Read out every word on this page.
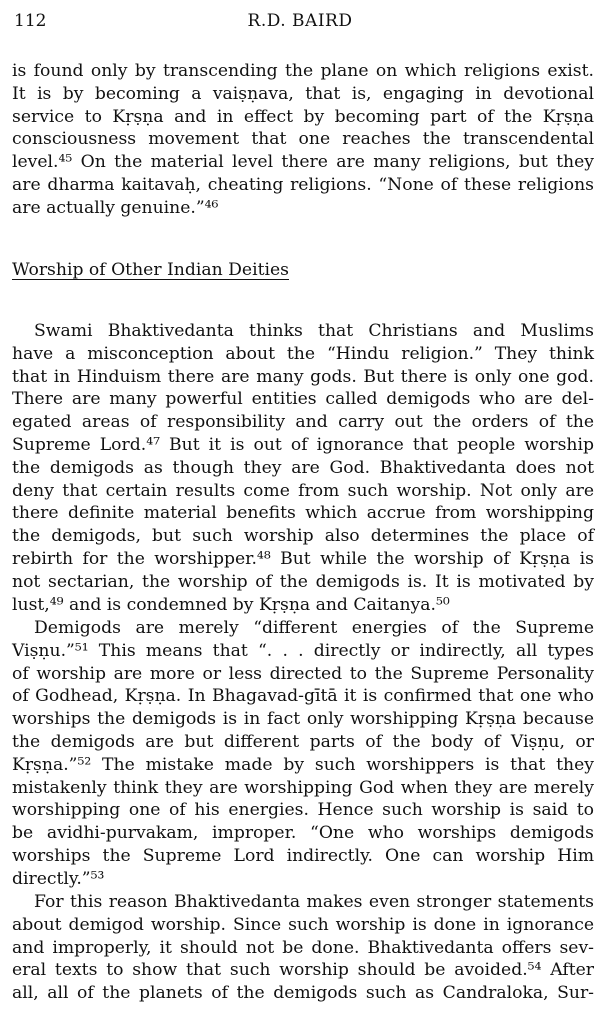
112	R.D. BAIRD
is found only by transcending the plane on which religions exist.
It is by becoming a vaiṣṇava, that is, engaging in devotional
service to Kṛṣṇa and in effect by becoming part of the Kṛṣṇa
consciousness movement that one reaches the transcendental
level.⁴⁵ On the material level there are many religions, but they
are dharma kaitavaḥ, cheating religions. “None of these religions
are actually genuine.”⁴⁶
Worship of Other Indian Deities
Swami Bhaktivedanta thinks that Christians and Muslims
have a misconception about the “Hindu religion.” They think
that in Hinduism there are many gods. But there is only one god.
There are many powerful entities called demigods who are del-
egated areas of responsibility and carry out the orders of the
Supreme Lord.⁴⁷ But it is out of ignorance that people worship
the demigods as though they are God. Bhaktivedanta does not
deny that certain results come from such worship. Not only are
there definite material benefits which accrue from worshipping
the demigods, but such worship also determines the place of
rebirth for the worshipper.⁴⁸ But while the worship of Kṛṣṇa is
not sectarian, the worship of the demigods is. It is motivated by
lust,⁴⁹ and is condemned by Kṛṣṇa and Caitanya.⁵⁰
Demigods are merely “different energies of the Supreme
Viṣṇu.”⁵¹ This means that “. . . directly or indirectly, all types
of worship are more or less directed to the Supreme Personality
of Godhead, Kṛṣṇa. In Bhagavad-gītā it is confirmed that one who
worships the demigods is in fact only worshipping Kṛṣṇa because
the demigods are but different parts of the body of Viṣṇu, or
Kṛṣṇa.”⁵² The mistake made by such worshippers is that they
mistakenly think they are worshipping God when they are merely
worshipping one of his energies. Hence such worship is said to
be avidhi-purvakam, improper. “One who worships demigods
worships the Supreme Lord indirectly. One can worship Him
directly.”⁵³
For this reason Bhaktivedanta makes even stronger statements
about demigod worship. Since such worship is done in ignorance
and improperly, it should not be done. Bhaktivedanta offers sev-
eral texts to show that such worship should be avoided.⁵⁴ After
all, all of the planets of the demigods such as Candraloka, Sur-
